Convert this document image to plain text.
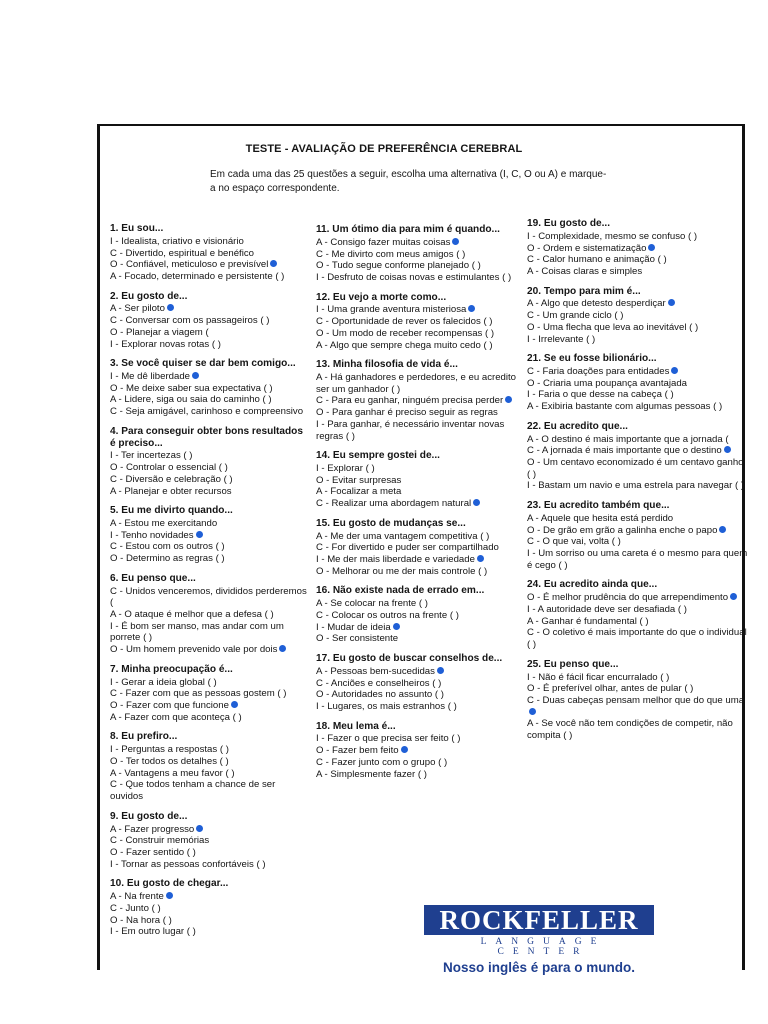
TESTE - AVALIAÇÃO DE PREFERÊNCIA CEREBRAL
Em cada uma das 25 questões a seguir, escolha uma alternativa (I, C, O ou A) e marque-a no espaço correspondente.
1. Eu sou...
I - Idealista, criativo e visionário
C - Divertido, espiritual e benéfico
O - Confiável, meticuloso e previsível
A - Focado, determinado e persistente ( )
2. Eu gosto de...
A - Ser piloto
C - Conversar com os passageiros ( )
O - Planejar a viagem (
I - Explorar novas rotas ( )
3. Se você quiser se dar bem comigo...
I - Me dê liberdade
O - Me deixe saber sua expectativa ( )
A - Lidere, siga ou saia do caminho ( )
C - Seja amigável, carinhoso e compreensivo
4. Para conseguir obter bons resultados é preciso...
I - Ter incertezas ( )
O - Controlar o essencial ( )
C - Diversão e celebração ( )
A - Planejar e obter recursos
5. Eu me divirto quando...
A - Estou me exercitando
I - Tenho novidades
C - Estou com os outros ( )
O - Determino as regras ( )
6. Eu penso que...
C - Unidos venceremos, divididos perderemos (
A - O ataque é melhor que a defesa ( )
I - É bom ser manso, mas andar com um porrete ( )
O - Um homem prevenido vale por dois
7. Minha preocupação é...
I - Gerar a ideia global ( )
C - Fazer com que as pessoas gostem ( )
O - Fazer com que funcione
A - Fazer com que aconteça ( )
8. Eu prefiro...
I - Perguntas a respostas ( )
O - Ter todos os detalhes ( )
A - Vantagens a meu favor ( )
C - Que todos tenham a chance de ser ouvidos
9. Eu gosto de...
A - Fazer progresso
C - Construir memórias
O - Fazer sentido ( )
I - Tornar as pessoas confortáveis ( )
10. Eu gosto de chegar...
A - Na frente
C - Junto ( )
O - Na hora ( )
I - Em outro lugar ( )
11. Um ótimo dia para mim é quando...
A - Consigo fazer muitas coisas
C - Me divirto com meus amigos ( )
O - Tudo segue conforme planejado ( )
I - Desfruto de coisas novas e estimulantes ( )
12. Eu vejo a morte como...
I - Uma grande aventura misteriosa
C - Oportunidade de rever os falecidos ( )
O - Um modo de receber recompensas ( )
A - Algo que sempre chega muito cedo ( )
13. Minha filosofia de vida é...
A - Há ganhadores e perdedores, e eu acredito ser um ganhador ( )
C - Para eu ganhar, ninguém precisa perder
O - Para ganhar é preciso seguir as regras
I - Para ganhar, é necessário inventar novas regras ( )
14. Eu sempre gostei de...
I - Explorar ( )
O - Evitar surpresas
A - Focalizar a meta
C - Realizar uma abordagem natural
15. Eu gosto de mudanças se...
A - Me der uma vantagem competitiva ( )
C - For divertido e puder ser compartilhado
I - Me der mais liberdade e variedade
O - Melhorar ou me der mais controle ( )
16. Não existe nada de errado em...
A - Se colocar na frente ( )
C - Colocar os outros na frente ( )
I - Mudar de ideia
O - Ser consistente
17. Eu gosto de buscar conselhos de...
A - Pessoas bem-sucedidas
C - Anciões e conselheiros ( )
O - Autoridades no assunto ( )
I - Lugares, os mais estranhos ( )
18. Meu lema é...
I - Fazer o que precisa ser feito ( )
O - Fazer bem feito
C - Fazer junto com o grupo ( )
A - Simplesmente fazer ( )
19. Eu gosto de...
I - Complexidade, mesmo se confuso ( )
O - Ordem e sistematização
C - Calor humano e animação ( )
A - Coisas claras e simples
20. Tempo para mim é...
A - Algo que detesto desperdiçar
C - Um grande ciclo ( )
O - Uma flecha que leva ao inevitável ( )
I - Irrelevante ( )
21. Se eu fosse bilionário...
C - Faria doações para entidades
O - Criaria uma poupança avantajada
I - Faria o que desse na cabeça ( )
A - Exibiria bastante com algumas pessoas ( )
22. Eu acredito que...
A - O destino é mais importante que a jornada (
C - A jornada é mais importante que o destino
O - Um centavo economizado é um centavo ganho ( )
I - Bastam um navio e uma estrela para navegar ( )
23. Eu acredito também que...
A - Aquele que hesita está perdido
O - De grão em grão a galinha enche o papo
C - O que vai, volta ( )
I - Um sorriso ou uma careta é o mesmo para quem é cego ( )
24. Eu acredito ainda que...
O - É melhor prudência do que arrependimento
I - A autoridade deve ser desafiada ( )
A - Ganhar é fundamental ( )
C - O coletivo é mais importante do que o individual ( )
25. Eu penso que...
I - Não é fácil ficar encurralado ( )
O - É preferível olhar, antes de pular ( )
C - Duas cabeças pensam melhor que do que uma
A - Se você não tem condições de competir, não compita ( )
ROCKFELLER
LANGUAGE CENTER
Nosso inglês é para o mundo.
